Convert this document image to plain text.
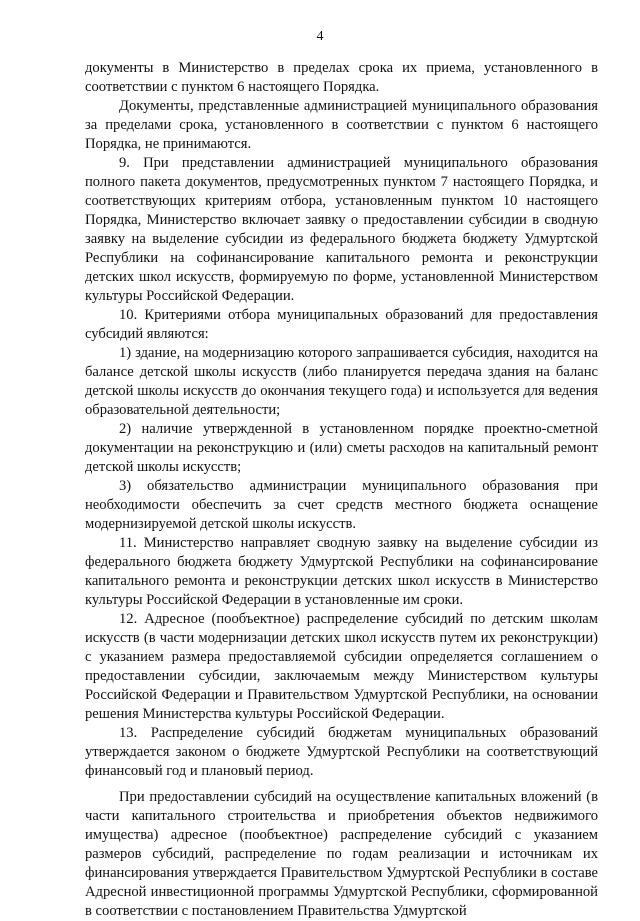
4

документы в Министерство в пределах срока их приема, установленного в соответствии с пунктом 6 настоящего Порядка.

Документы, представленные администрацией муниципального образования за пределами срока, установленного в соответствии с пунктом 6 настоящего Порядка, не принимаются.

9. При представлении администрацией муниципального образования полного пакета документов, предусмотренных пунктом 7 настоящего Порядка, и соответствующих критериям отбора, установленным пунктом 10 настоящего Порядка, Министерство включает заявку о предоставлении субсидии в сводную заявку на выделение субсидии из федерального бюджета бюджету Удмуртской Республики на софинансирование капитального ремонта и реконструкции детских школ искусств, формируемую по форме, установленной Министерством культуры Российской Федерации.

10. Критериями отбора муниципальных образований для предоставления субсидий являются:

1) здание, на модернизацию которого запрашивается субсидия, находится на балансе детской школы искусств (либо планируется передача здания на баланс детской школы искусств до окончания текущего года) и используется для ведения образовательной деятельности;

2) наличие утвержденной в установленном порядке проектно-сметной документации на реконструкцию и (или) сметы расходов на капитальный ремонт детской школы искусств;

3) обязательство администрации муниципального образования при необходимости обеспечить за счет средств местного бюджета оснащение модернизируемой детской школы искусств.

11. Министерство направляет сводную заявку на выделение субсидии из федерального бюджета бюджету Удмуртской Республики на софинансирование капитального ремонта и реконструкции детских школ искусств в Министерство культуры Российской Федерации в установленные им сроки.

12. Адресное (пообъектное) распределение субсидий по детским школам искусств (в части модернизации детских школ искусств путем их реконструкции) с указанием размера предоставляемой субсидии определяется соглашением о предоставлении субсидии, заключаемым между Министерством культуры Российской Федерации и Правительством Удмуртской Республики, на основании решения Министерства культуры Российской Федерации.

13. Распределение субсидий бюджетам муниципальных образований утверждается законом о бюджете Удмуртской Республики на соответствующий финансовый год и плановый период.

При предоставлении субсидий на осуществление капитальных вложений (в части капитального строительства и приобретения объектов недвижимого имущества) адресное (пообъектное) распределение субсидий с указанием размеров субсидий, распределение по годам реализации и источникам их финансирования утверждается Правительством Удмуртской Республики в составе Адресной инвестиционной программы Удмуртской Республики, сформированной в соответствии с постановлением Правительства Удмуртской
